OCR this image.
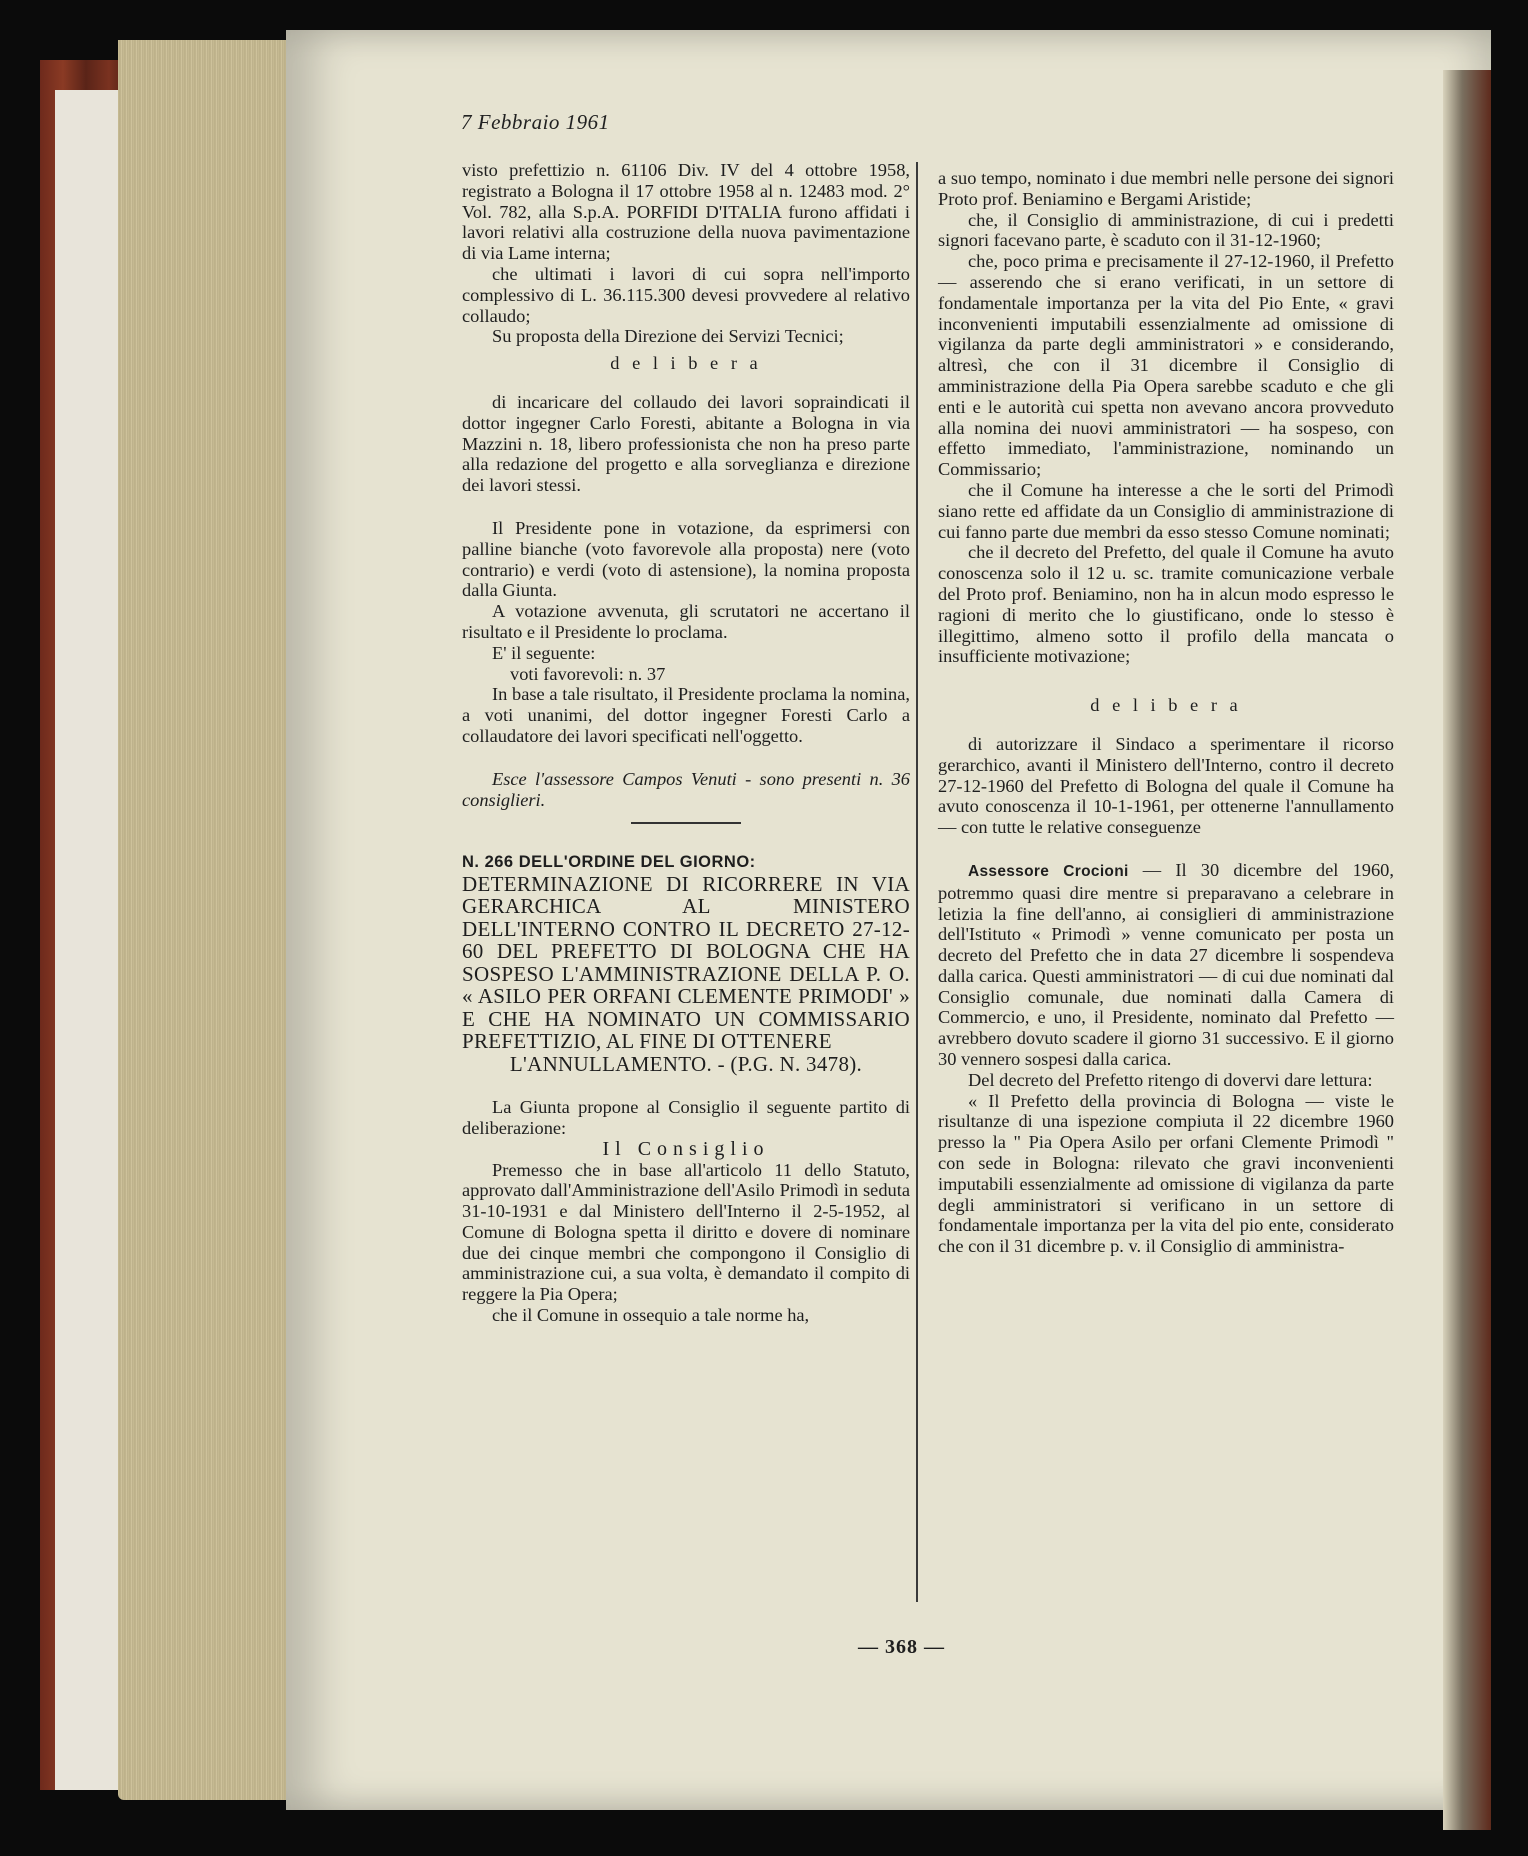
7 Febbraio 1961

visto prefettizio n. 61106 Div. IV del 4 ottobre 1958, registrato a Bologna il 17 ottobre 1958 al n. 12483 mod. 2° Vol. 782, alla S.p.A. PORFIDI D'ITALIA furono affidati i lavori relativi alla costruzione della nuova pavimentazione di via Lame interna;

che ultimati i lavori di cui sopra nell'importo complessivo di L. 36.115.300 devesi provvedere al relativo collaudo;

Su proposta della Direzione dei Servizi Tecnici;

d e l i b e r a

di incaricare del collaudo dei lavori sopraindicati il dottor ingegner Carlo Foresti, abitante a Bologna in via Mazzini n. 18, libero professionista che non ha preso parte alla redazione del progetto e alla sorveglianza e direzione dei lavori stessi.

Il Presidente pone in votazione, da esprimersi con palline bianche (voto favorevole alla proposta) nere (voto contrario) e verdi (voto di astensione), la nomina proposta dalla Giunta.

A votazione avvenuta, gli scrutatori ne accertano il risultato e il Presidente lo proclama.

E' il seguente:

voti favorevoli: n. 37

In base a tale risultato, il Presidente proclama la nomina, a voti unanimi, del dottor ingegner Foresti Carlo a collaudatore dei lavori specificati nell'oggetto.

Esce l'assessore Campos Venuti - sono presenti n. 36 consiglieri.

N. 266 DELL'ORDINE DEL GIORNO:

DETERMINAZIONE DI RICORRERE IN VIA GERARCHICA AL MINISTERO DELL'INTERNO CONTRO IL DECRETO 27-12-60 DEL PREFETTO DI BOLOGNA CHE HA SOSPESO L'AMMINISTRAZIONE DELLA P. O. « ASILO PER ORFANI CLEMENTE PRIMODI' » E CHE HA NOMINATO UN COMMISSARIO PREFETTIZIO, AL FINE DI OTTENERE
L'ANNULLAMENTO. - (P.G. N. 3478).

La Giunta propone al Consiglio il seguente partito di deliberazione:

Il Consiglio

Premesso che in base all'articolo 11 dello Statuto, approvato dall'Amministrazione dell'Asilo Primodì in seduta 31-10-1931 e dal Ministero dell'Interno il 2-5-1952, al Comune di Bologna spetta il diritto e dovere di nominare due dei cinque membri che compongono il Consiglio di amministrazione cui, a sua volta, è demandato il compito di reggere la Pia Opera;

che il Comune in ossequio a tale norme ha,

a suo tempo, nominato i due membri nelle persone dei signori Proto prof. Beniamino e Bergami Aristide;

che, il Consiglio di amministrazione, di cui i predetti signori facevano parte, è scaduto con il 31-12-1960;

che, poco prima e precisamente il 27-12-1960, il Prefetto — asserendo che si erano verificati, in un settore di fondamentale importanza per la vita del Pio Ente, « gravi inconvenienti imputabili essenzialmente ad omissione di vigilanza da parte degli amministratori » e considerando, altresì, che con il 31 dicembre il Consiglio di amministrazione della Pia Opera sarebbe scaduto e che gli enti e le autorità cui spetta non avevano ancora provveduto alla nomina dei nuovi amministratori — ha sospeso, con effetto immediato, l'amministrazione, nominando un Commissario;

che il Comune ha interesse a che le sorti del Primodì siano rette ed affidate da un Consiglio di amministrazione di cui fanno parte due membri da esso stesso Comune nominati;

che il decreto del Prefetto, del quale il Comune ha avuto conoscenza solo il 12 u. sc. tramite comunicazione verbale del Proto prof. Beniamino, non ha in alcun modo espresso le ragioni di merito che lo giustificano, onde lo stesso è illegittimo, almeno sotto il profilo della mancata o insufficiente motivazione;

d e l i b e r a

di autorizzare il Sindaco a sperimentare il ricorso gerarchico, avanti il Ministero dell'Interno, contro il decreto 27-12-1960 del Prefetto di Bologna del quale il Comune ha avuto conoscenza il 10-1-1961, per ottenerne l'annullamento — con tutte le relative conseguenze

Assessore Crocioni — Il 30 dicembre del 1960, potremmo quasi dire mentre si preparavano a celebrare in letizia la fine dell'anno, ai consiglieri di amministrazione dell'Istituto « Primodì » venne comunicato per posta un decreto del Prefetto che in data 27 dicembre li sospendeva dalla carica. Questi amministratori — di cui due nominati dal Consiglio comunale, due nominati dalla Camera di Commercio, e uno, il Presidente, nominato dal Prefetto — avrebbero dovuto scadere il giorno 31 successivo. E il giorno 30 vennero sospesi dalla carica.

Del decreto del Prefetto ritengo di dovervi dare lettura:

« Il Prefetto della provincia di Bologna — viste le risultanze di una ispezione compiuta il 22 dicembre 1960 presso la " Pia Opera Asilo per orfani Clemente Primodì " con sede in Bologna: rilevato che gravi inconvenienti imputabili essenzialmente ad omissione di vigilanza da parte degli amministratori si verificano in un settore di fondamentale importanza per la vita del pio ente, considerato che con il 31 dicembre p. v. il Consiglio di amministra-

— 368 —
